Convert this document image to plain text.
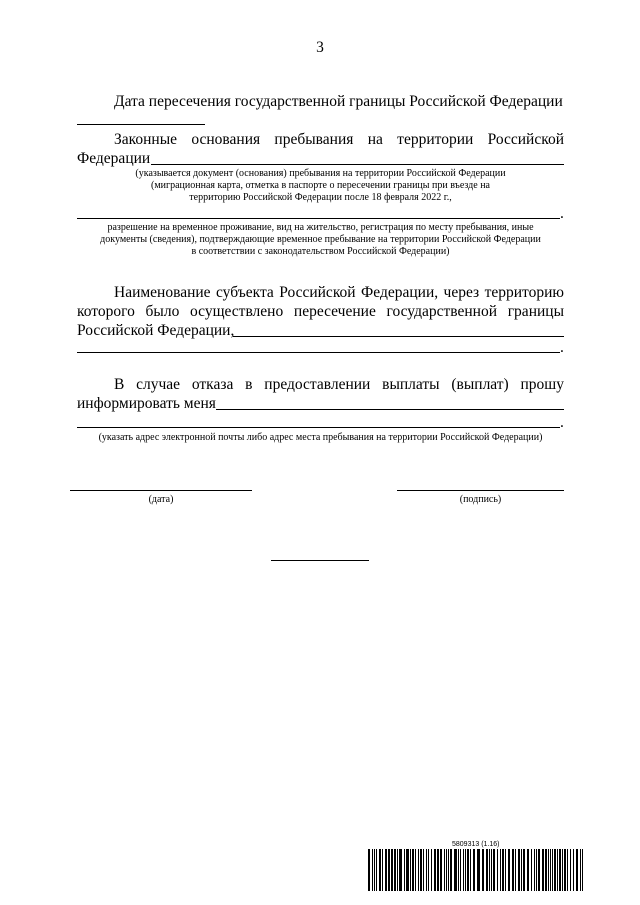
3
Дата пересечения государственной границы Российской Федерации
Законные основания пребывания на территории Российской
Федерации
(указывается документ (основания) пребывания на территории Российской Федерации
(миграционная карта, отметка в паспорте о пересечении границы при въезде на
территорию Российской Федерации после 18 февраля 2022 г.,
.
разрешение на временное проживание, вид на жительство, регистрация по месту пребывания, иные
документы (сведения), подтверждающие временное пребывание на территории Российской Федерации
в соответствии с законодательством Российской Федерации)
Наименование субъекта Российской Федерации, через территорию
которого было осуществлено пересечение государственной границы
Российской Федерации,
.
В случае отказа в предоставлении выплаты (выплат) прошу
информировать меня
.
(указать адрес электронной почты либо адрес места пребывания на территории Российской Федерации)
(дата)	(подпись)
5809313 (1.16)
